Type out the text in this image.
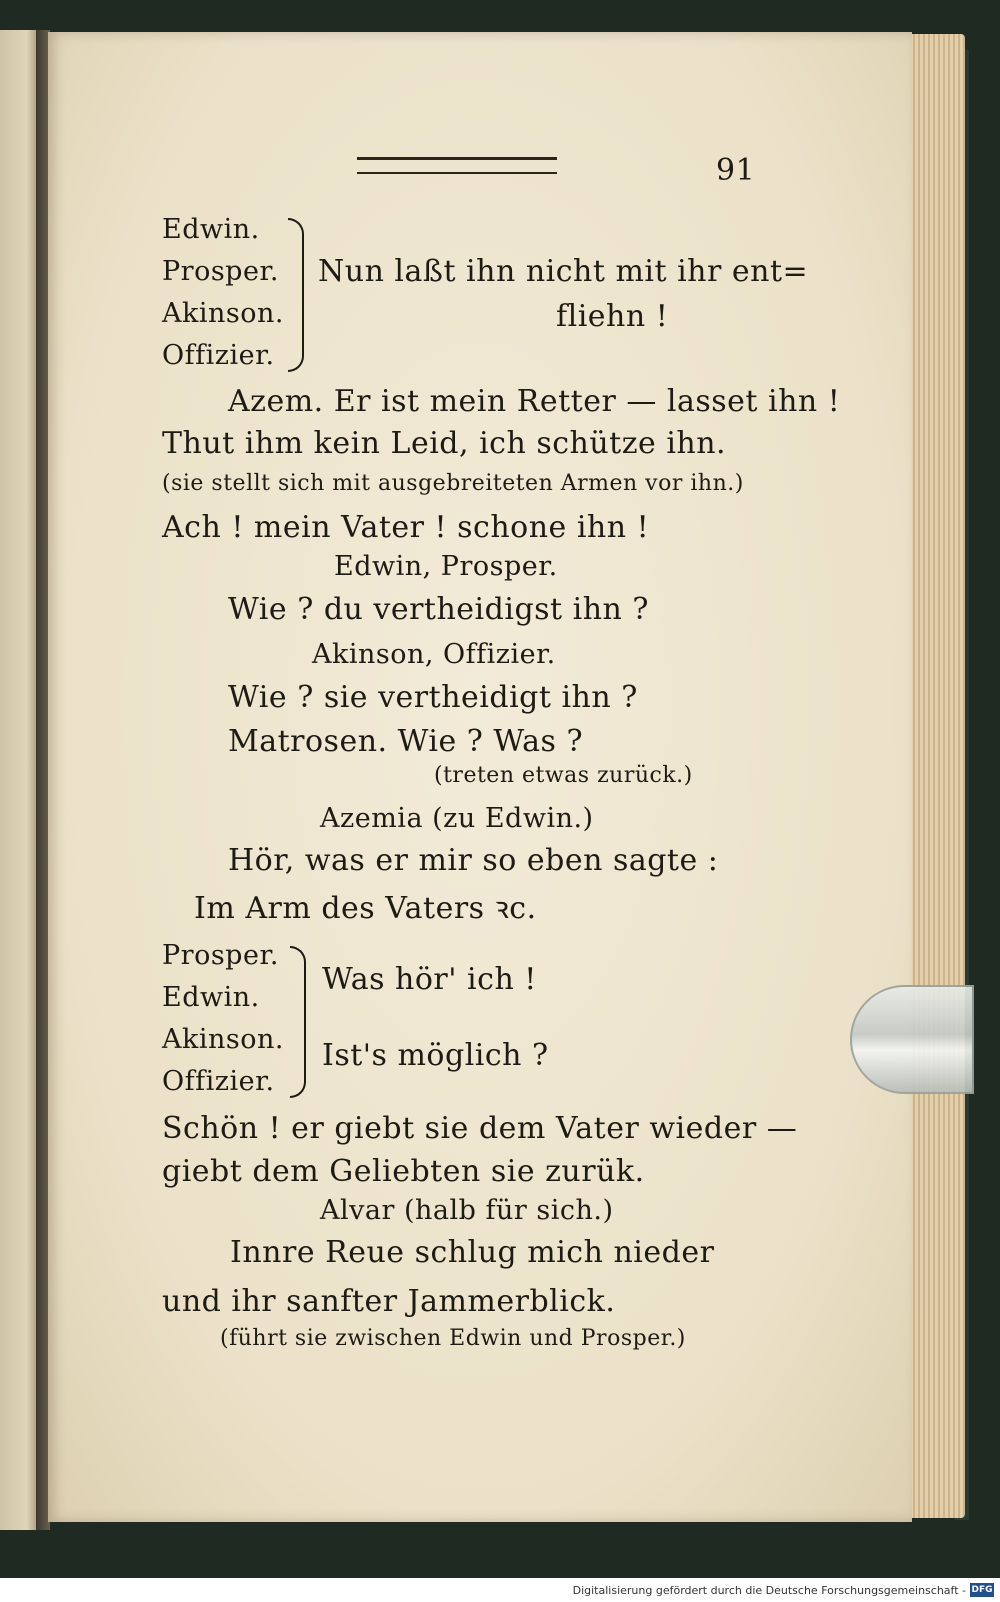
91
Edwin.
Prosper.
Akinson.
Offizier.
Nun laßt ihn nicht mit ihr ent=
fliehn !
Azem. Er ist mein Retter — lasset ihn !
Thut ihm kein Leid, ich schütze ihn.
(sie stellt sich mit ausgebreiteten Armen vor ihn.)
Ach ! mein Vater ! schone ihn !
Edwin, Prosper.
Wie ? du vertheidigst ihn ?
Akinson, Offizier.
Wie ? sie vertheidigt ihn ?
Matrosen. Wie ? Was ?
(treten etwas zurück.)
Azemia (zu Edwin.)
Hör, was er mir so eben sagte :
Im Arm des Vaters ꝛc.
Prosper.
Edwin.
Akinson.
Offizier.
Was hör' ich !
Ist's möglich ?
Schön ! er giebt sie dem Vater wieder —
giebt dem Geliebten sie zurük.
Alvar (halb für sich.)
Innre Reue schlug mich nieder
und ihr sanfter Jammerblick.
(führt sie zwischen Edwin und Prosper.)
Digitalisierung gefördert durch die Deutsche Forschungsgemeinschaft - DFG
